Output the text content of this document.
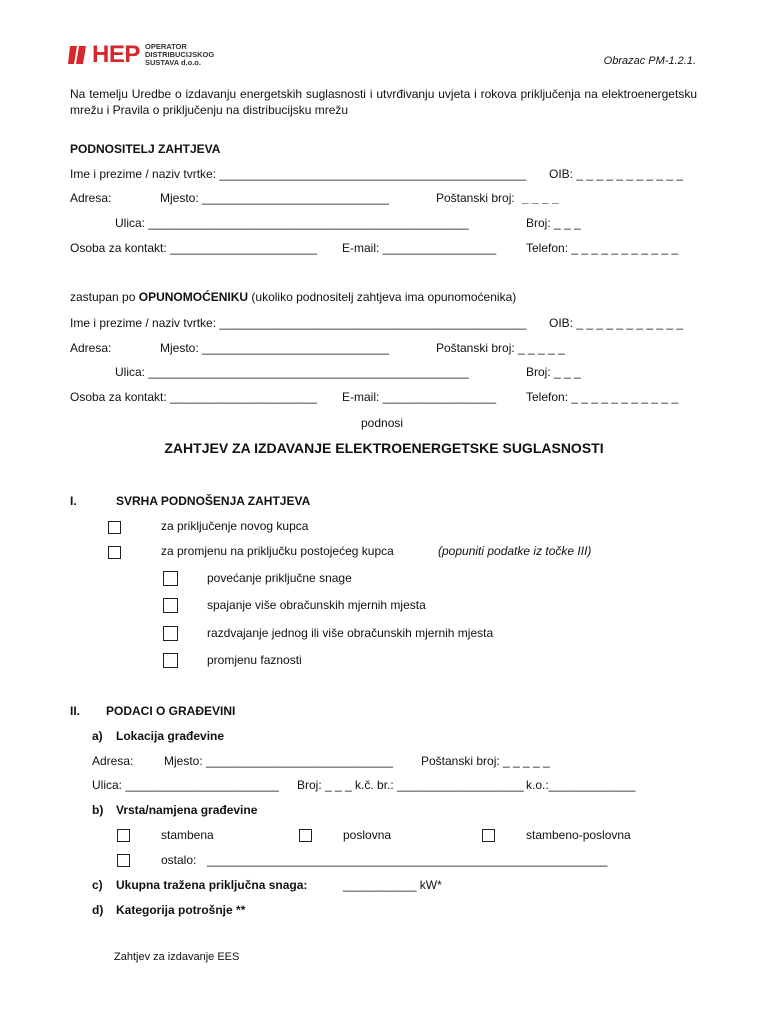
HEP OPERATOR
DISTRIBUCIJSKOG
SUSTAVA d.o.o.	Obrazac PM-1.2.1.
Na temelju Uredbe o izdavanju energetskih suglasnosti i utvrđivanju uvjeta i rokova priključenja na elektroenergetsku mrežu i Pravila o priključenju na distribucijsku mrežu
PODNOSITELJ ZAHTJEVA
Ime i prezime / naziv tvrtke: ______________________________________________ OIB: _ _ _ _ _ _ _ _ _ _ _
Adresa:	Mjesto: ____________________________	Poštanski broj: _ _ _ _
Ulica: ________________________________________________	Broj: _ _ _
Osoba za kontakt: ______________________ E-mail: _________________ Telefon: _ _ _ _ _ _ _ _ _ _ _
zastupan po OPUNOMOĆENIKU (ukoliko podnositelj zahtjeva ima opunomoćenika)
Ime i prezime / naziv tvrtke: ______________________________________________ OIB: _ _ _ _ _ _ _ _ _ _ _
Adresa:	Mjesto: ____________________________	Poštanski broj: _ _ _ _ _
Ulica: ________________________________________________	Broj: _ _ _
Osoba za kontakt: ______________________ E-mail: _________________ Telefon: _ _ _ _ _ _ _ _ _ _ _
podnosi
ZAHTJEV ZA IZDAVANJE ELEKTROENERGETSKE SUGLASNOSTI
I.	SVRHA PODNOŠENJA ZAHTJEVA
za priključenje novog kupca
za promjenu na priključku postojećeg kupca	(popuniti podatke iz točke III)
povećanje priključne snage
spajanje više obračunskih mjernih mjesta
razdvajanje jednog ili više obračunskih mjernih mjesta
promjenu faznosti
II. PODACI O GRAĐEVINI
a) Lokacija građevine
Adresa:	Mjesto: ____________________________ Poštanski broj: _ _ _ _ _
Ulica: _______________________ Broj: _ _ _ k.č. br.: ___________________ k.o.:_____________
b) Vrsta/namjena građevine
stambena	poslovna	stambeno-poslovna
ostalo: ____________________________________________________________
c) Ukupna tražena priključna snaga:	___________ kW*
d) Kategorija potrošnje **
Zahtjev za izdavanje EES
